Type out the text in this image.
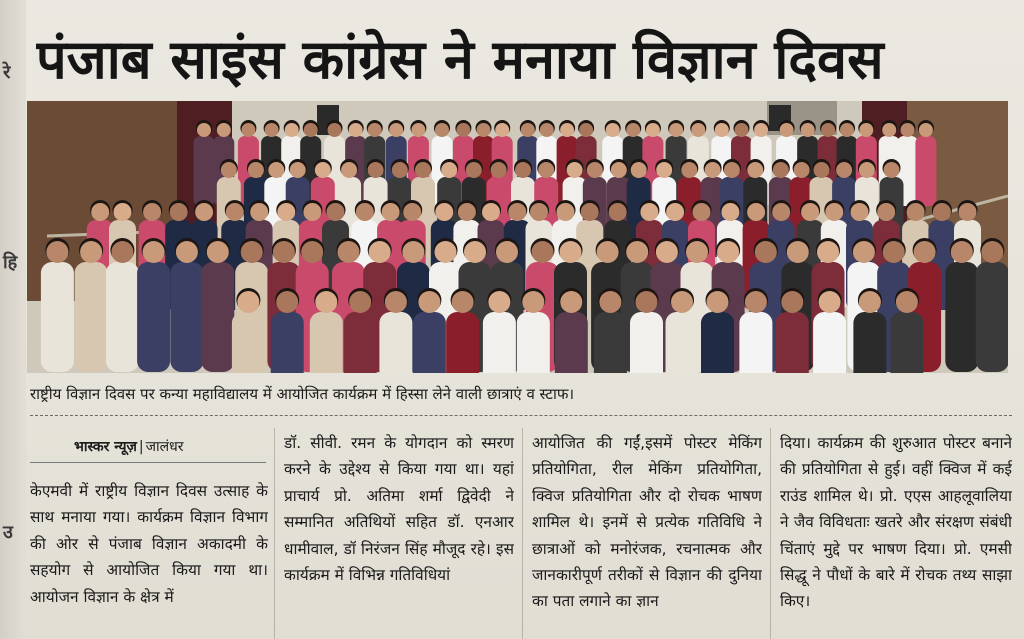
रे
हि
उ
पंजाब साइंस कांग्रेस ने मनाया विज्ञान दिवस
राष्ट्रीय विज्ञान दिवस पर कन्या महाविद्यालय में आयोजित कार्यक्रम में हिस्सा लेने वाली छात्राएं व स्टाफ।
भास्कर न्यूज़ | जालंधर

केएमवी में राष्ट्रीय विज्ञान दिवस उत्साह के साथ मनाया गया। कार्यक्रम विज्ञान विभाग की ओर से पंजाब विज्ञान अकादमी के सहयोग से आयोजित किया गया था। आयोजन विज्ञान के क्षेत्र में

डॉ. सीवी. रमन के योगदान को स्मरण करने के उद्देश्य से किया गया था। यहां प्राचार्य प्रो. अतिमा शर्मा द्विवेदी ने सम्मानित अतिथियों सहित डॉ. एनआर धामीवाल, डॉ निरंजन सिंह मौजूद रहे। इस कार्यक्रम में विभिन्न गतिविधियां

आयोजित की गईं,इसमें पोस्टर मेकिंग प्रतियोगिता, रील मेकिंग प्रतियोगिता, क्विज प्रतियोगिता और दो रोचक भाषण शामिल थे। इनमें से प्रत्येक गतिविधि ने छात्राओं को मनोरंजक, रचनात्मक और जानकारीपूर्ण तरीकों से विज्ञान की दुनिया का पता लगाने का ज्ञान

दिया। कार्यक्रम की शुरुआत पोस्टर बनाने की प्रतियोगिता से हुई। वहीं क्विज में कई राउंड शामिल थे। प्रो. एएस आहलूवालिया ने जैव विविधताः खतरे और संरक्षण संबंधी चिंताएं मुद्दे पर भाषण दिया। प्रो. एमसी सिद्धू ने पौधों के बारे में रोचक तथ्य साझा किए।
